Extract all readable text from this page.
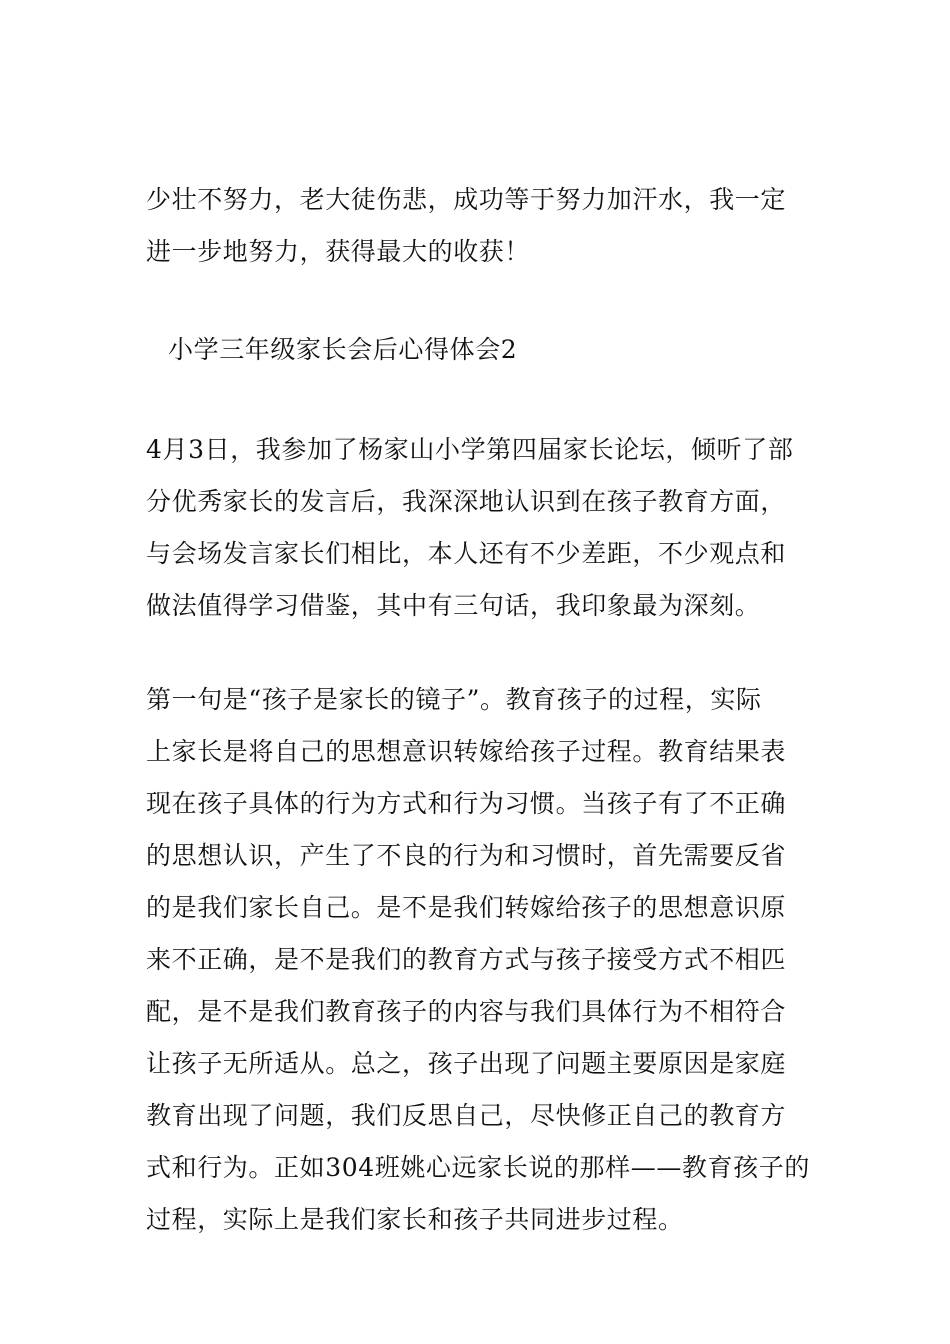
少壮不努力，老大徒伤悲，成功等于努力加汗水，我一定
进一步地努力，获得最大的收获！

小学三年级家长会后心得体会2

4月3日，我参加了杨家山小学第四届家长论坛，倾听了部
分优秀家长的发言后，我深深地认识到在孩子教育方面，
与会场发言家长们相比，本人还有不少差距，不少观点和
做法值得学习借鉴，其中有三句话，我印象最为深刻。

第一句是“孩子是家长的镜子”。教育孩子的过程，实际
上家长是将自己的思想意识转嫁给孩子过程。教育结果表
现在孩子具体的行为方式和行为习惯。当孩子有了不正确
的思想认识，产生了不良的行为和习惯时，首先需要反省
的是我们家长自己。是不是我们转嫁给孩子的思想意识原
来不正确，是不是我们的教育方式与孩子接受方式不相匹
配，是不是我们教育孩子的内容与我们具体行为不相符合
让孩子无所适从。总之，孩子出现了问题主要原因是家庭
教育出现了问题，我们反思自己，尽快修正自己的教育方
式和行为。正如304班姚心远家长说的那样——教育孩子的
过程，实际上是我们家长和孩子共同进步过程。
